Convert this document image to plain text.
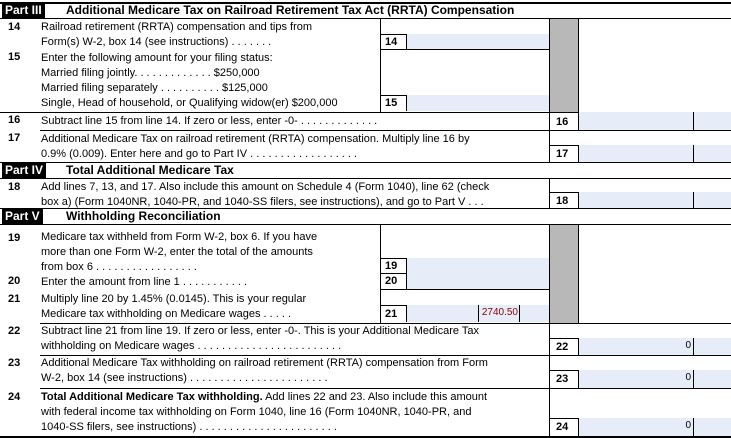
Part III Additional Medicare Tax on Railroad Retirement Tax Act (RRTA) Compensation
14 Railroad retirement (RRTA) compensation and tips from
Form(s) W-2, box 14 (see instructions) . . . . . . .	14
15 Enter the following amount for your filing status:
Married filing jointly. . . . . . . . . . . . . $250,000
Married filing separately . . . . . . . . . . $125,000
Single, Head of household, or Qualifying widow(er) $200,000	15
16 Subtract line 15 from line 14. If zero or less, enter -0- . . . . . . . . . . . . .	16
17 Additional Medicare Tax on railroad retirement (RRTA) compensation. Multiply line 16 by
0.9% (0.009). Enter here and go to Part IV . . . . . . . . . . . . . . . . . .	17
Part IV Total Additional Medicare Tax
18 Add lines 7, 13, and 17. Also include this amount on Schedule 4 (Form 1040), line 62 (check
box a) (Form 1040NR, 1040-PR, and 1040-SS filers, see instructions), and go to Part V . . .	18
Part V Withholding Reconciliation
19 Medicare tax withheld from Form W-2, box 6. If you have
more than one Form W-2, enter the total of the amounts
from box 6 . . . . . . . . . . . . . . . . .	19
20 Enter the amount from line 1 . . . . . . . . . . .	20
21 Multiply line 20 by 1.45% (0.0145). This is your regular
Medicare tax withholding on Medicare wages . . . . .	21	2740.50
22 Subtract line 21 from line 19. If zero or less, enter -0-. This is your Additional Medicare Tax
withholding on Medicare wages . . . . . . . . . . . . . . . . . . . . . . . .	22	0
23 Additional Medicare Tax withholding on railroad retirement (RRTA) compensation from Form
W-2, box 14 (see instructions) . . . . . . . . . . . . . . . . . . . . . . .	23	0
24 Total Additional Medicare Tax withholding. Add lines 22 and 23. Also include this amount
with federal income tax withholding on Form 1040, line 16 (Form 1040NR, 1040-PR, and
1040-SS filers, see instructions) . . . . . . . . . . . . . . . . . . . . . . .	24	0
